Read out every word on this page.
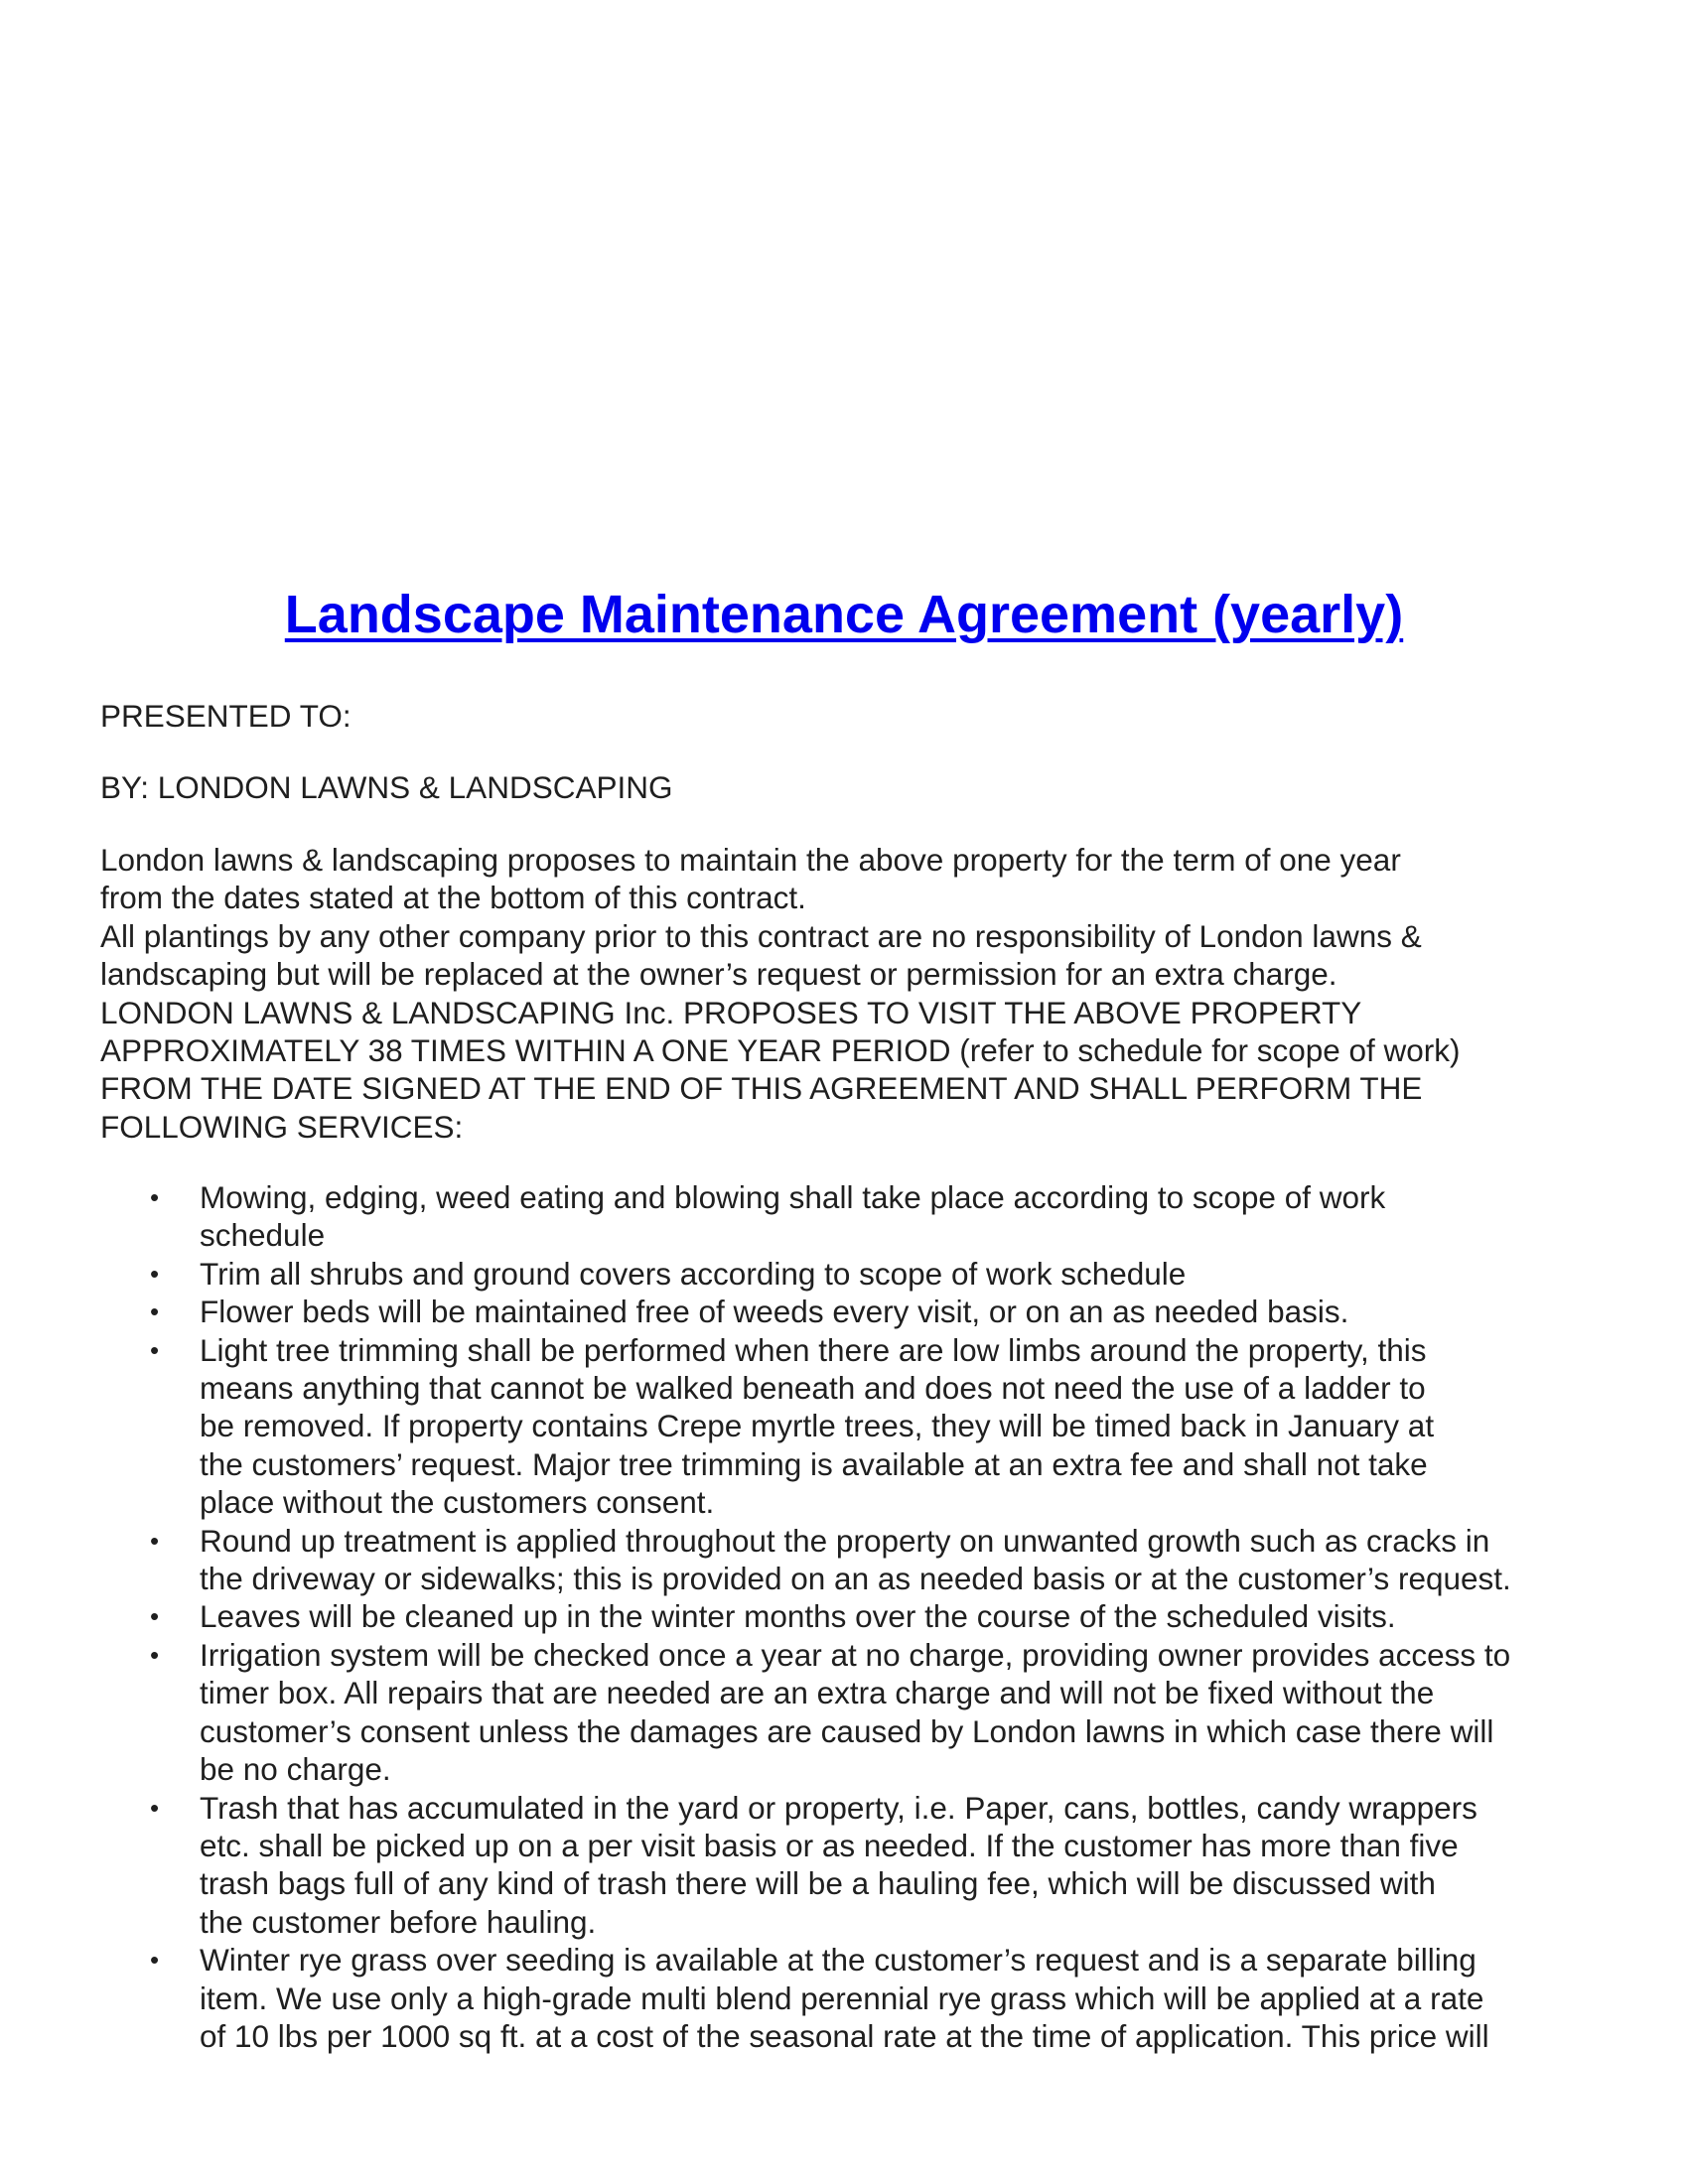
Landscape Maintenance Agreement (yearly)

PRESENTED TO:

BY: LONDON LAWNS & LANDSCAPING

London lawns & landscaping proposes to maintain the above property for the term of one year
from the dates stated at the bottom of this contract.

All plantings by any other company prior to this contract are no responsibility of London lawns &
landscaping but will be replaced at the owner’s request or permission for an extra charge.

LONDON LAWNS & LANDSCAPING Inc. PROPOSES TO VISIT THE ABOVE PROPERTY
APPROXIMATELY 38 TIMES WITHIN A ONE YEAR PERIOD (refer to schedule for scope of work)
FROM THE DATE SIGNED AT THE END OF THIS AGREEMENT AND SHALL PERFORM THE
FOLLOWING SERVICES:

• Mowing, edging, weed eating and blowing shall take place according to scope of work
schedule
• Trim all shrubs and ground covers according to scope of work schedule
• Flower beds will be maintained free of weeds every visit, or on an as needed basis.
• Light tree trimming shall be performed when there are low limbs around the property, this
means anything that cannot be walked beneath and does not need the use of a ladder to
be removed. If property contains Crepe myrtle trees, they will be timed back in January at
the customers’ request. Major tree trimming is available at an extra fee and shall not take
place without the customers consent.
• Round up treatment is applied throughout the property on unwanted growth such as cracks in
the driveway or sidewalks; this is provided on an as needed basis or at the customer’s request.
• Leaves will be cleaned up in the winter months over the course of the scheduled visits.
• Irrigation system will be checked once a year at no charge, providing owner provides access to
timer box. All repairs that are needed are an extra charge and will not be fixed without the
customer’s consent unless the damages are caused by London lawns in which case there will
be no charge.
• Trash that has accumulated in the yard or property, i.e. Paper, cans, bottles, candy wrappers
etc. shall be picked up on a per visit basis or as needed. If the customer has more than five
trash bags full of any kind of trash there will be a hauling fee, which will be discussed with
the customer before hauling.
• Winter rye grass over seeding is available at the customer’s request and is a separate billing
item. We use only a high-grade multi blend perennial rye grass which will be applied at a rate
of 10 lbs per 1000 sq ft. at a cost of the seasonal rate at the time of application. This price will
